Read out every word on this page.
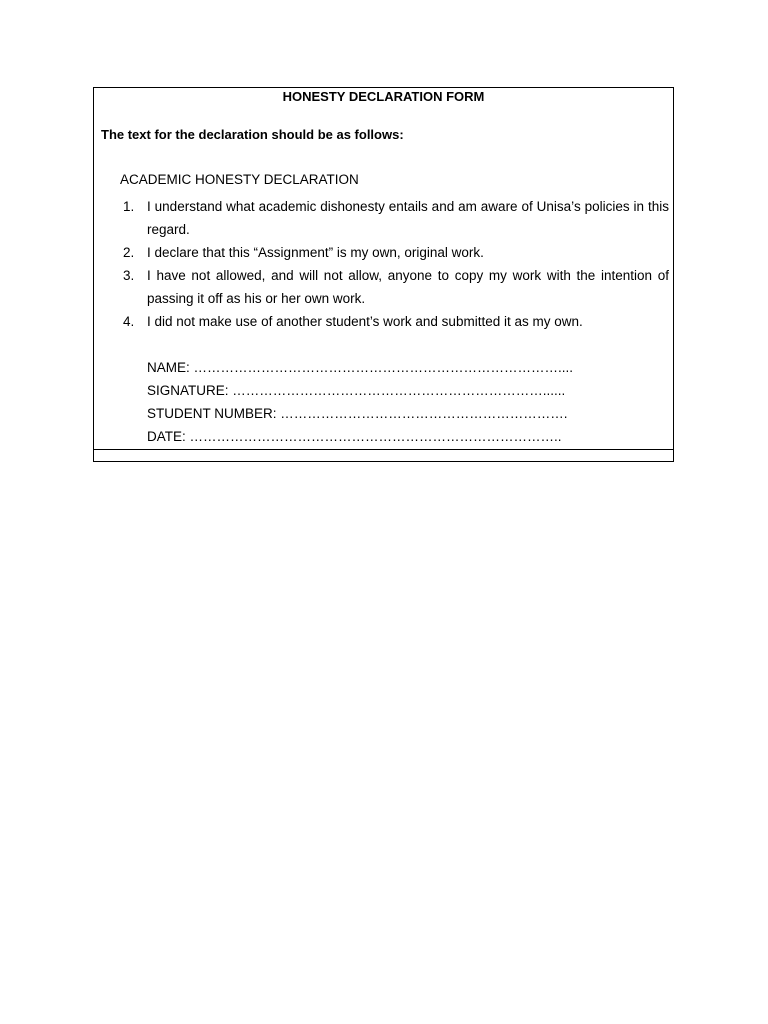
HONESTY DECLARATION FORM
The text for the declaration should be as follows:
ACADEMIC HONESTY DECLARATION
1. I understand what academic dishonesty entails and am aware of Unisa’s policies in this regard.
2. I declare that this “Assignment” is my own, original work.
3. I have not allowed, and will not allow, anyone to copy my work with the intention of passing it off as his or her own work.
4. I did not make use of another student’s work and submitted it as my own.
NAME: ………………………………………………………………………....
SIGNATURE: ……………………………………………………………......
STUDENT NUMBER: ……………………………………………………….
DATE: ………………………………………………………………………..
